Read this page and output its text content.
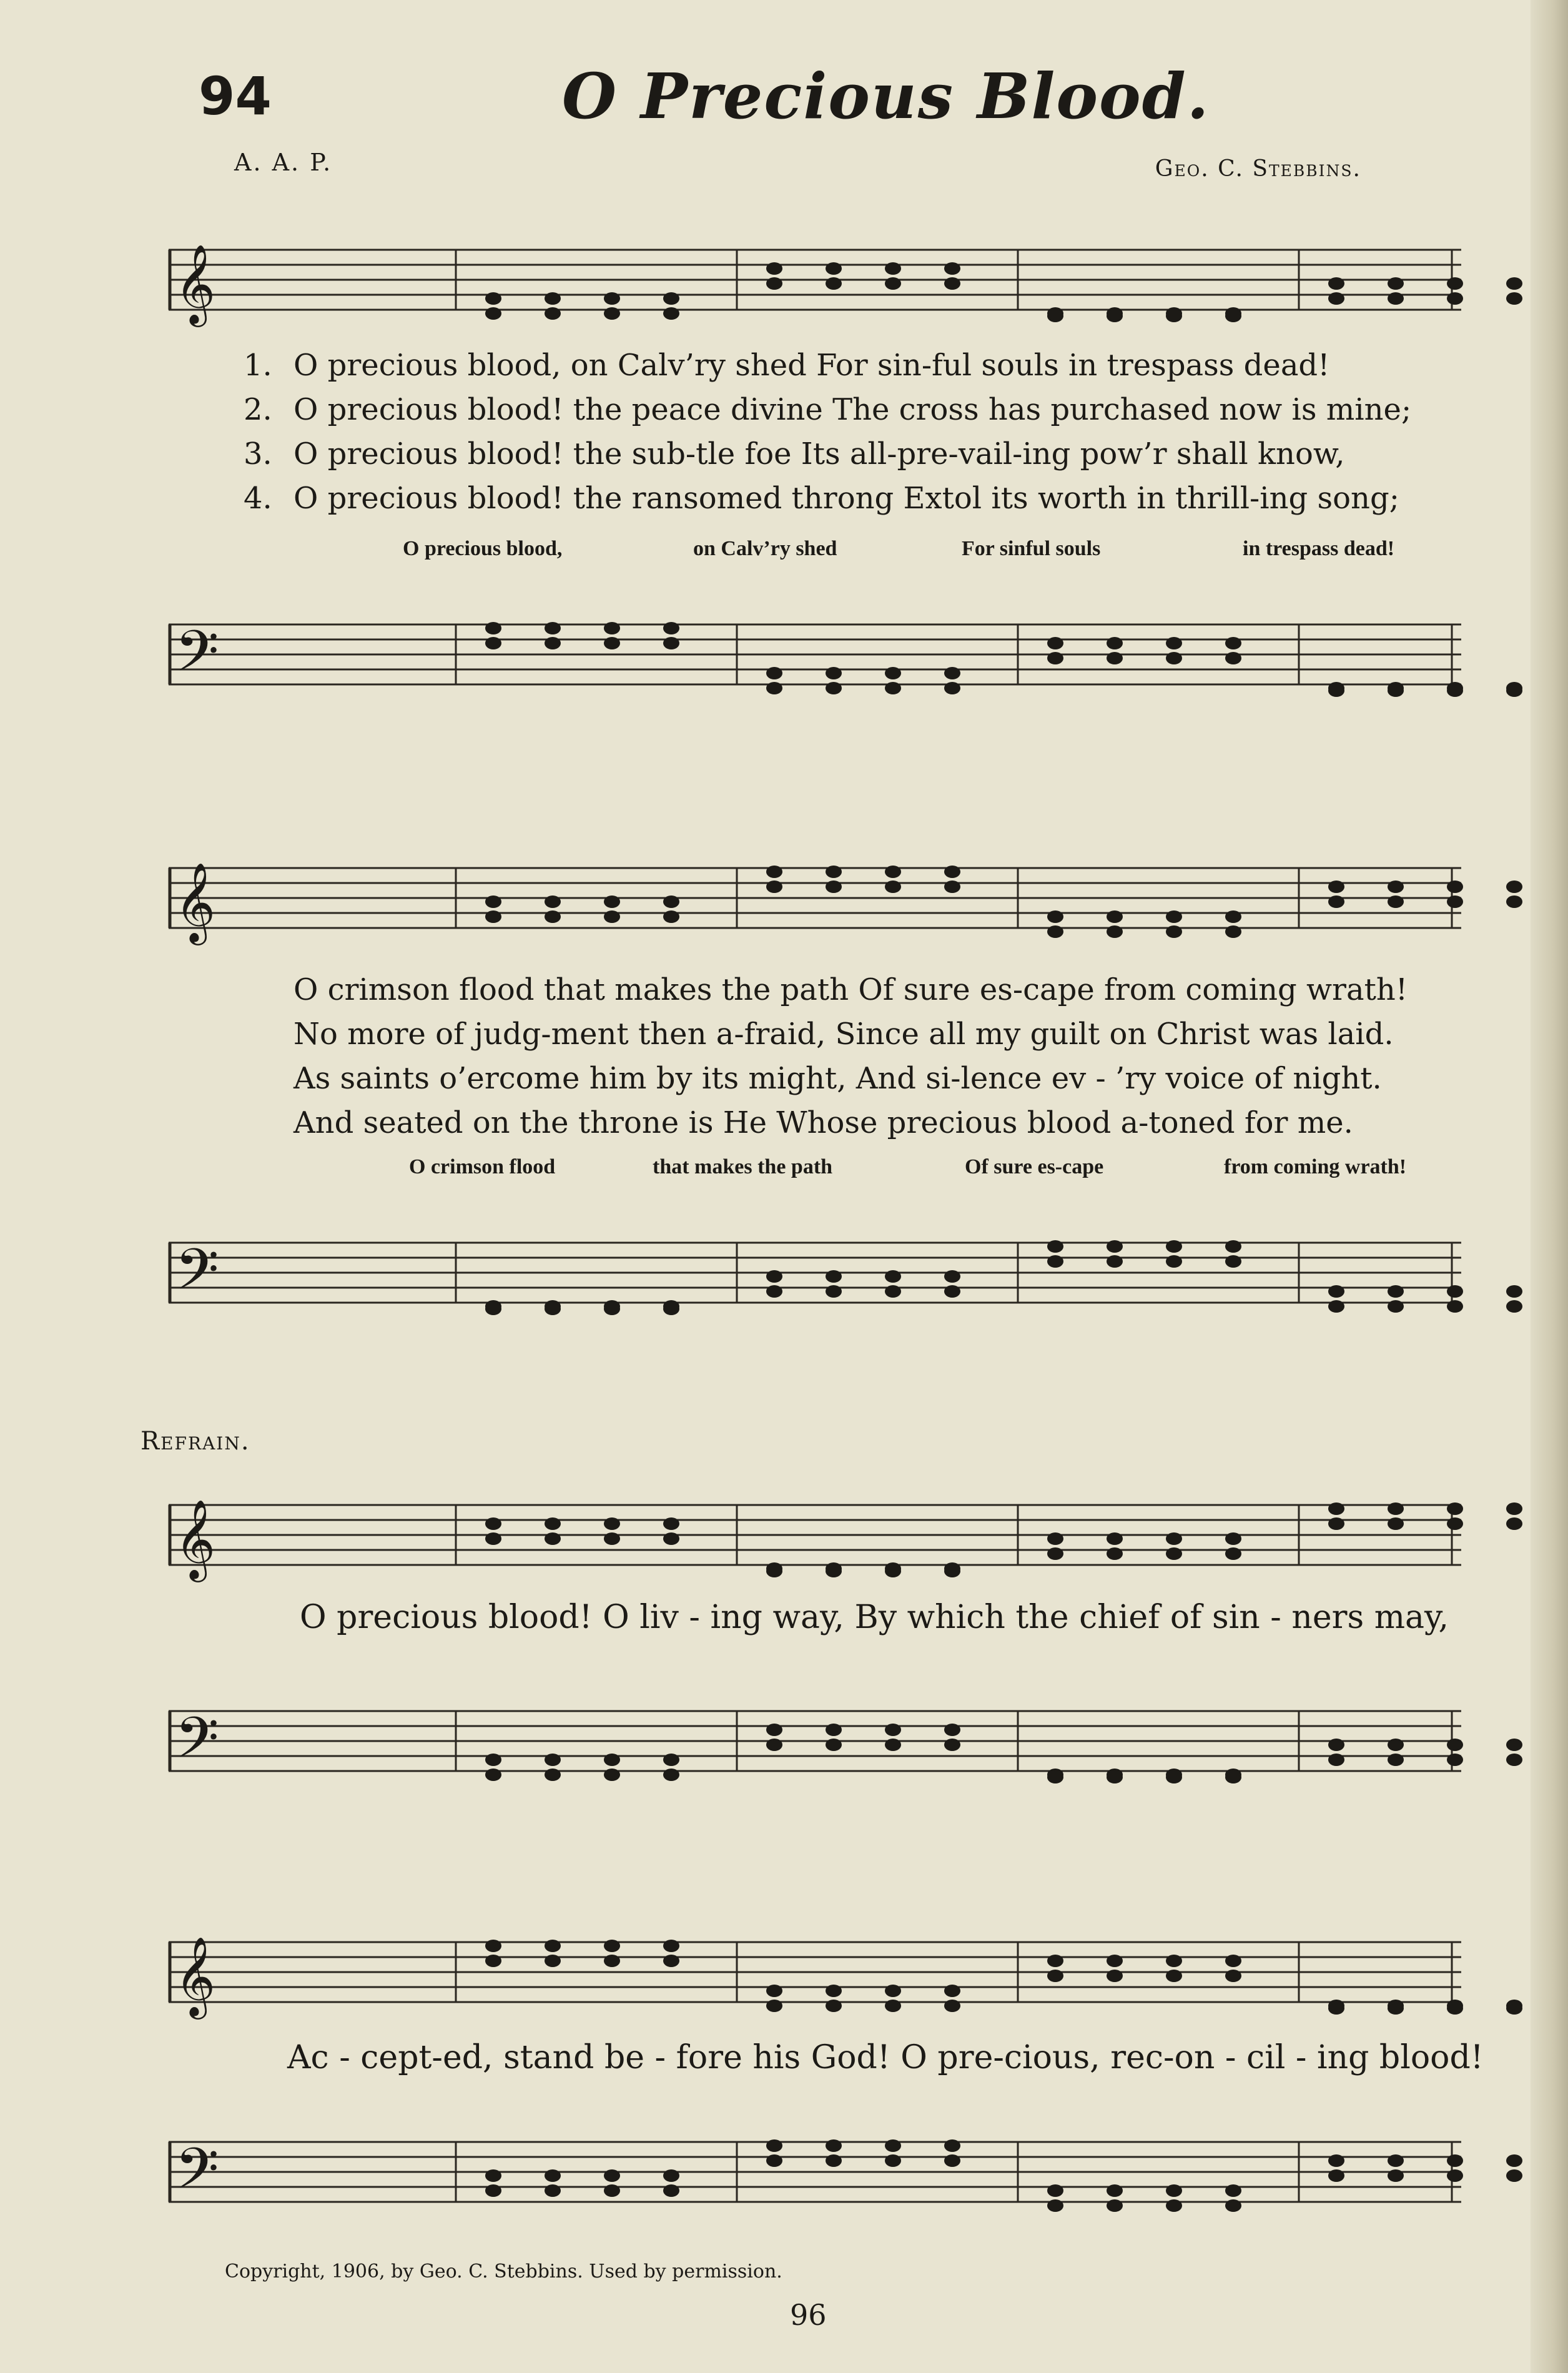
94	O Precious Blood.
A. A. P.	Geo. C. Stebbins.
𝄞
1. O precious blood, on Calv’ry shed For sin-ful souls in trespass dead!
2. O precious blood! the peace divine The cross has purchased now is mine;
3. O precious blood! the sub-tle foe Its all-pre-vail-ing pow’r shall know,
4. O precious blood! the ransomed throng Extol its worth in thrill-ing song;
O precious blood,	on Calv’ry shed	For sinful souls	in trespass dead!
𝄢
𝄞
O crimson flood that makes the path Of sure es-cape from coming wrath!
No more of judg-ment then a-fraid, Since all my guilt on Christ was laid.
As saints o’ercome him by its might, And si-lence ev - ’ry voice of night.
And seated on the throne is He Whose precious blood a-toned for me.
O crimson flood	that makes the path	Of sure es-cape	from coming wrath!
𝄢
Refrain.
𝄞
𝄢
O precious blood! O liv - ing way, By which the chief of sin - ners may,
𝄞
𝄢
Ac - cept-ed, stand be - fore his God! O pre-cious, rec-on - cil - ing blood!
Copyright, 1906, by Geo. C. Stebbins. Used by permission.
96
